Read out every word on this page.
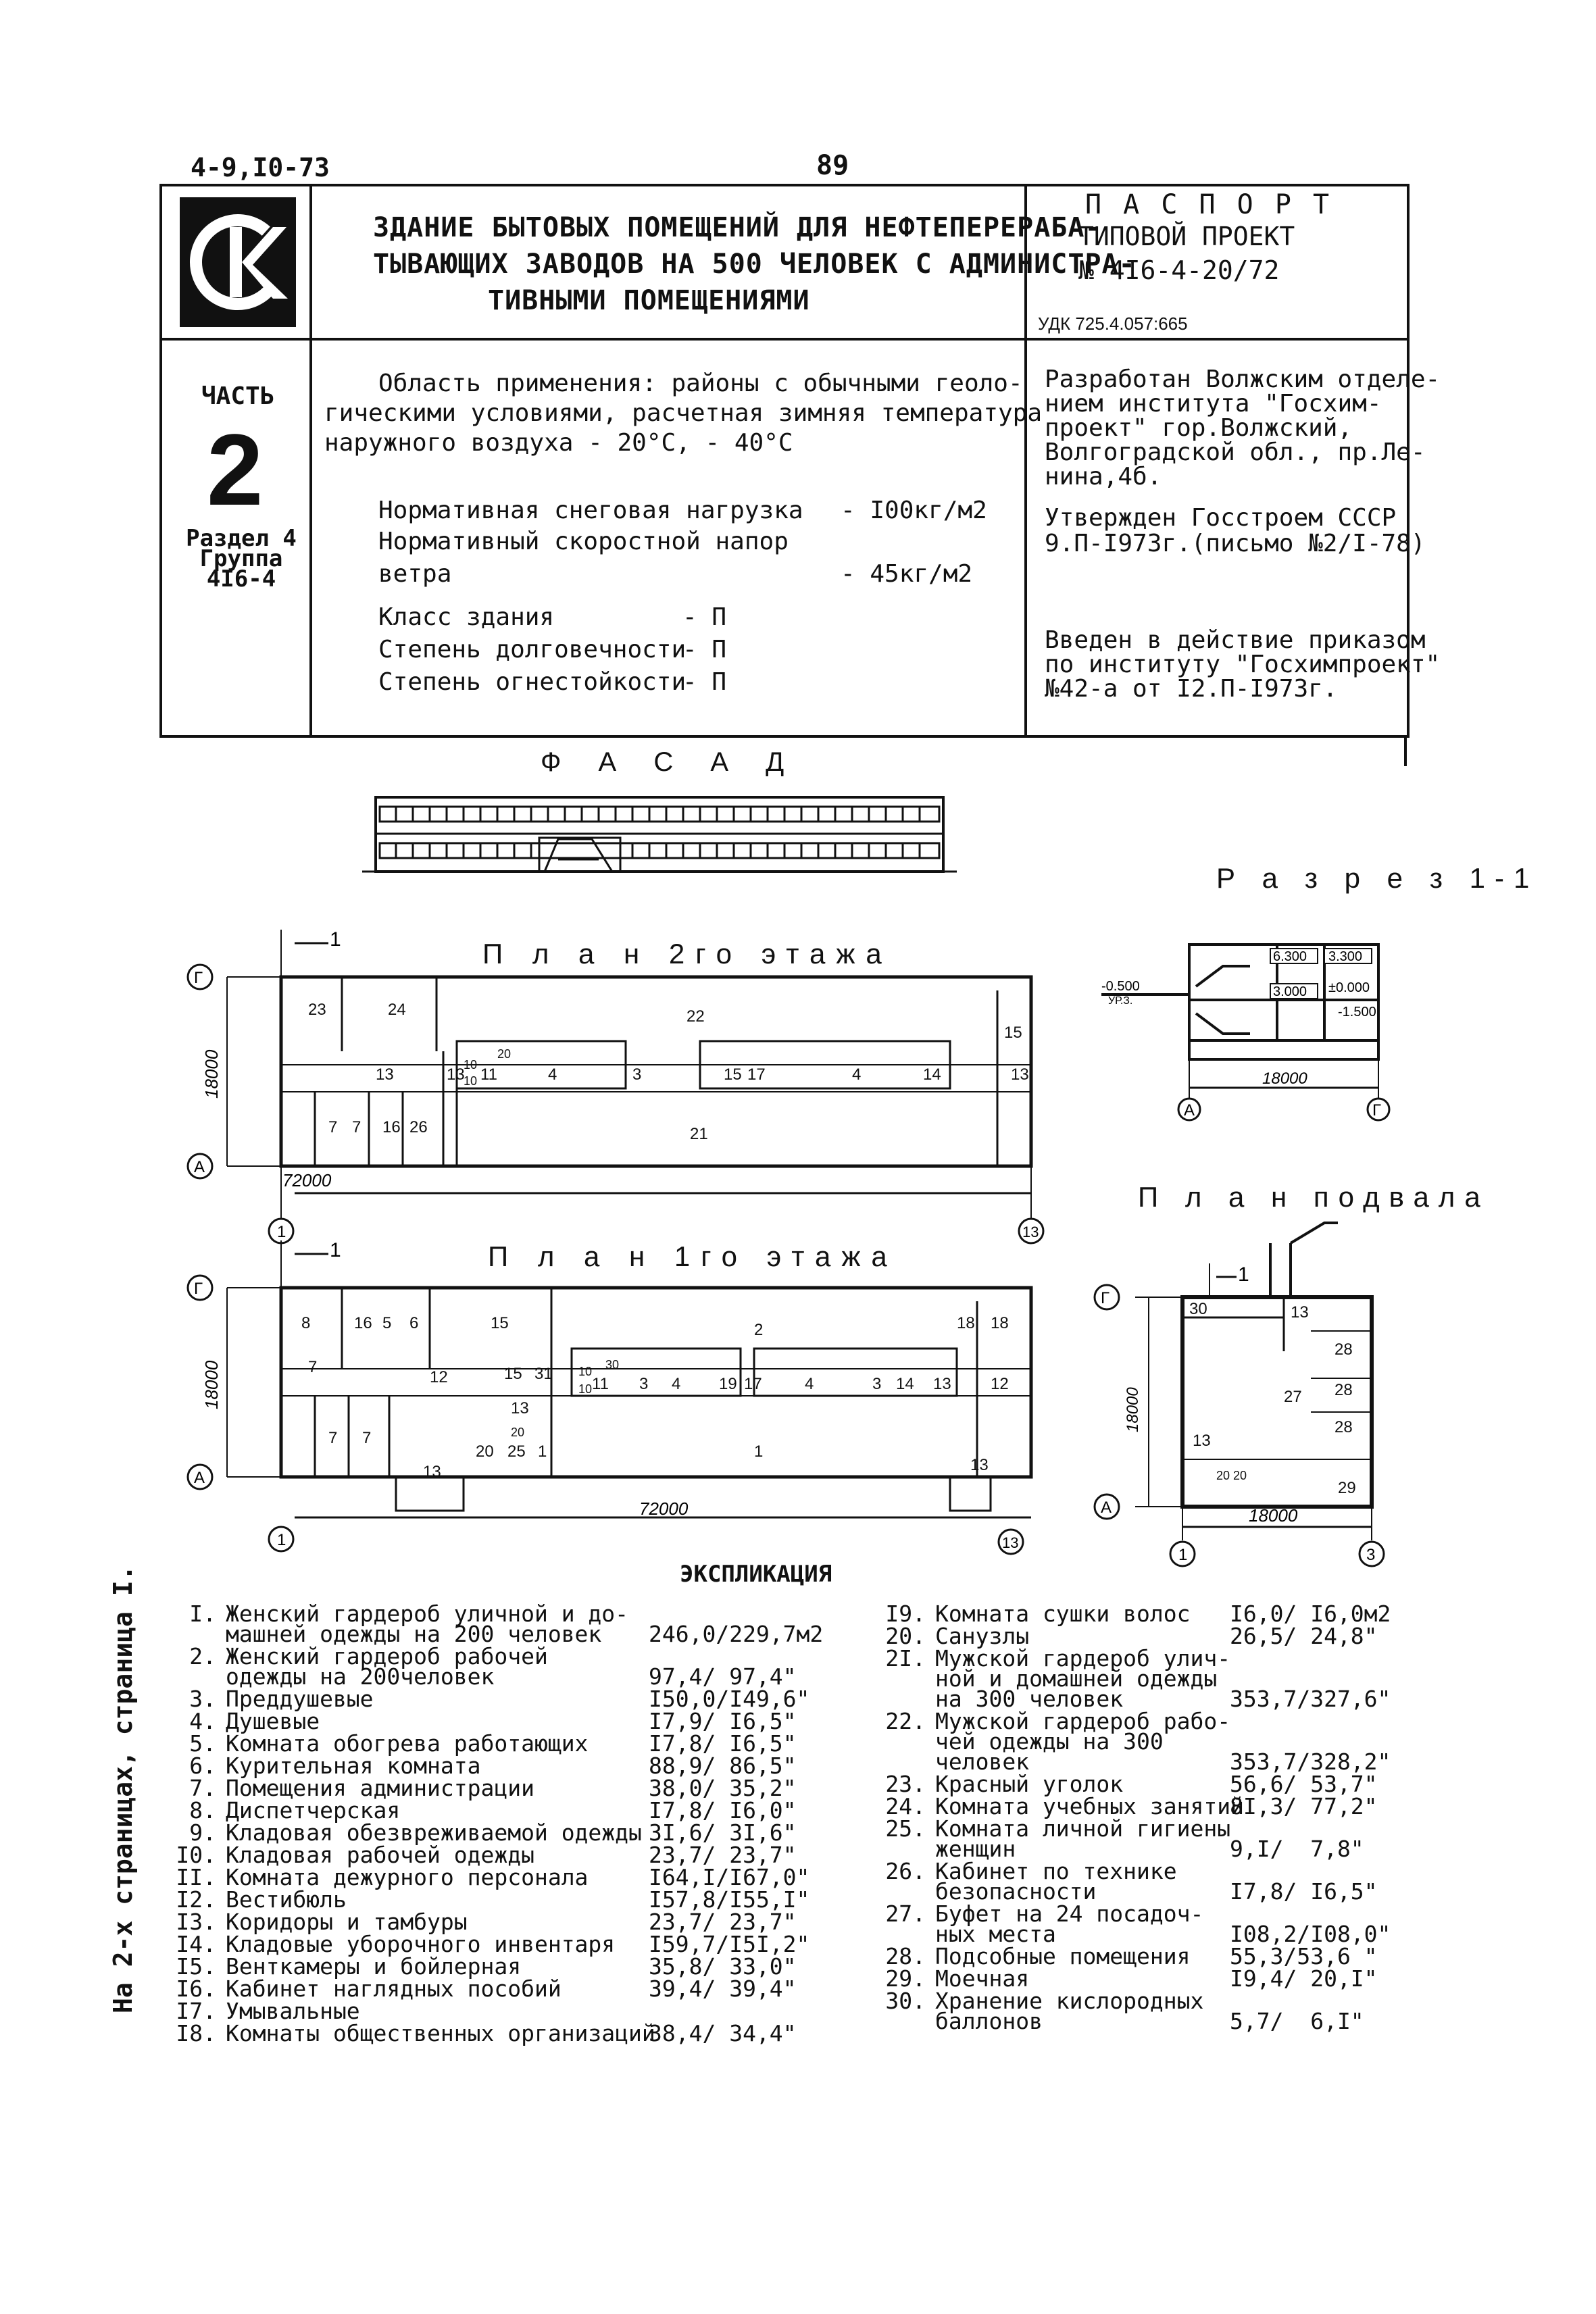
4-9,I0-73	89
ЗДАНИЕ БЫТОВЫХ ПОМЕЩЕНИЙ ДЛЯ НЕФТЕПЕРЕРАБА-
ТЫВАЮЩИХ ЗАВОДОВ НА 500 ЧЕЛОВЕК С АДМИНИСТРА-
ТИВНЫМИ ПОМЕЩЕНИЯМИ
П А С П О Р Т
ТИПОВОЙ ПРОЕКТ
№ 4I6-4-20/72
УДК 725.4.057:665
ЧАСТЬ
2
Раздел 4
Группа
4I6-4
Область применения: районы с обычными геоло-
гическими условиями, расчетная зимняя температура
наружного воздуха - 20°C, - 40°C
Нормативная снеговая нагрузка - I00кг/м2
Нормативный скоростной напор
ветра	- 45кг/м2
Класс здания	- П
Степень долговечности
- П
Степень огнестойкости
- П
Разработан Волжским отделе-
нием института "Госхим-
проект" гор.Волжский,
Волгоградской обл., пр.Ле-
нина,4б.
Утвержден Госстроем СССР
9.П-I973г.(письмо №2/I-78)
Введен в действие приказом
по институту "Госхимпроект"
№42-а от I2.П-I973г.
Ф А С А Д
Р а з р е з 1-1
6.300 3.300
3.000 ±0.000
-1.500
-0.500
УР.З.
18000
А	Г
П л а н 2го этажа
23	24	22
15
13	13 11	4	3	15 17	4	14	13
7 7 16 26	21
10
10
20
72000
18000
Г
А
1	13
1
П л а н 1го этажа
8	16 5 6	15	2	18 18
7
12	15 31
11 3 4 19 17	4	3 14 13 12
7 7
20 25 1	1
13	13
13
10
10
30
20
72000
18000
Г
А
1	13
1
П л а н подвала
30	13
28
28
27
28
13
29
20 20
18000
18000
Г
А
1	3
1
ЭКСПЛИКАЦИЯ
I. Женский гардероб уличной и до-
машней одежды на 200 человек 246,0/229,7м2
2. Женский гардероб рабочей
одежды на 200человек	97,4/ 97,4"
3. Преддушевые	I50,0/I49,6"
4. Душевые	I7,9/ I6,5"
5. Комната обогрева работающих	I7,8/ I6,5"
6. Курительная комната	88,9/ 86,5"
7. Помещения администрации	38,0/ 35,2"
8. Диспетчерская	I7,8/ I6,0"
9. Кладовая обезвреживаемой одежды 3I,6/ 3I,6"
I0. Кладовая рабочей одежды	23,7/ 23,7"
II. Комната дежурного персонала	I64,I/I67,0"
I2. Вестибюль	I57,8/I55,I"
I3. Коридоры и тамбуры	23,7/ 23,7"
I4. Кладовые уборочного инвентаря I59,7/I5I,2"
I5. Венткамеры и бойлерная	35,8/ 33,0"
I6. Кабинет наглядных пособий	39,4/ 39,4"
I7. Умывальные
I8. Комнаты общественных организаций
38,4/ 34,4"
I9. Комната сушки волос I6,0/ I6,0м2
20. Санузлы	26,5/ 24,8"
2I. Мужской гардероб улич-
ной и домашней одежды
на 300 человек	353,7/327,6"
22. Мужской гардероб рабо-
чей одежды на 300
человек	353,7/328,2"
23. Красный уголок	56,6/ 53,7"
24. Комната учебных занятий
8I,3/ 77,2"
25. Комната личной гигиены
женщин	9,I/  7,8"
26. Кабинет по технике
безопасности	I7,8/ I6,5"
27. Буфет на 24 посадоч-
ных места	I08,2/I08,0"
28. Подсобные помещения 55,3/53,6 "
29. Моечная	I9,4/ 20,I"
30. Хранение кислородных
баллонов	5,7/  6,I"
На 2-х страницах, страница I.
